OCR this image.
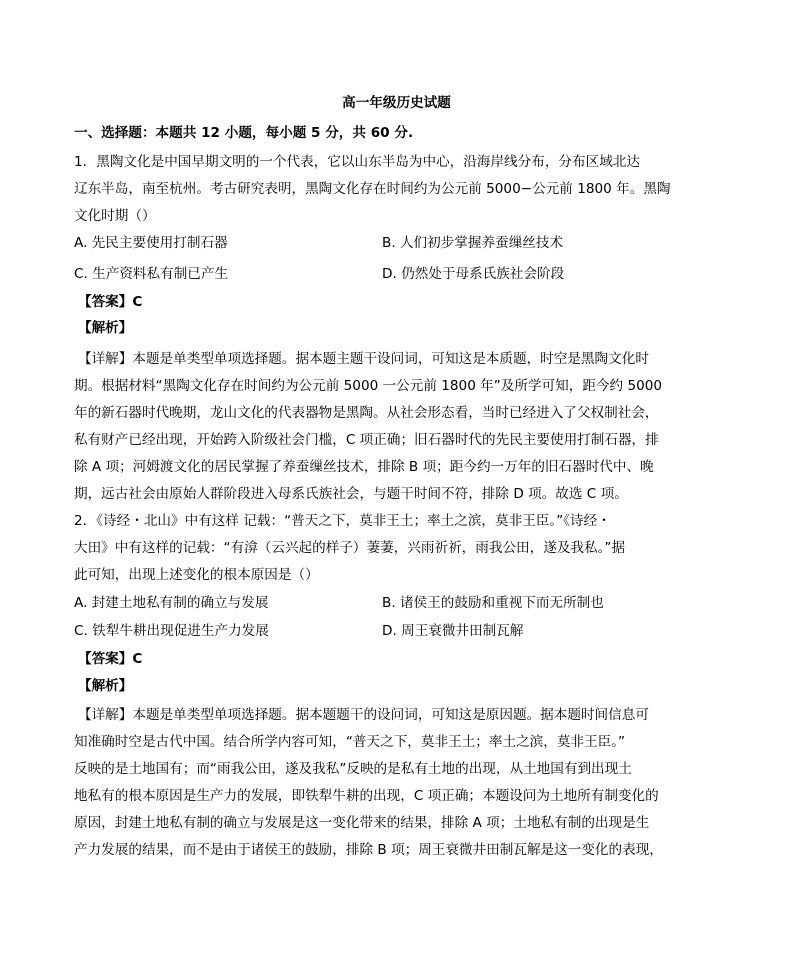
高一年级历史试题
一、选择题：本题共 12 小题，每小题 5 分，共 60 分.
1．黑陶文化是中国早期文明的一个代表，它以山东半岛为中心，沿海岸线分布，分布区域北达
辽东半岛，南至杭州。考古研究表明，黑陶文化存在时间约为公元前 5000−公元前 1800 年。黑陶
文化时期（）
A. 先民主要使用打制石器	B. 人们初步掌握养蚕缫丝技术
C. 生产资料私有制已产生	D. 仍然处于母系氏族社会阶段
【答案】C
【解析】
【详解】本题是单类型单项选择题。据本题主题干设问词，可知这是本质题，时空是黑陶文化时
期。根据材料“黑陶文化存在时间约为公元前 5000 一公元前 1800 年”及所学可知，距今约 5000
年的新石器时代晚期，龙山文化的代表器物是黑陶。从社会形态看，当时已经进入了父权制社会，
私有财产已经出现，开始跨入阶级社会门槛，C 项正确；旧石器时代的先民主要使用打制石器，排
除 A 项；河姆渡文化的居民掌握了养蚕缫丝技术，排除 B 项；距今约一万年的旧石器时代中、晚
期，远古社会由原始人群阶段进入母系氏族社会，与题干时间不符，排除 D 项。故选 C 项。
2．《诗经・北山》中有这样 记载：“普天之下，莫非王土；率土之滨，莫非王臣。”《诗经・
大田》中有这样的记载：“有渰（云兴起的样子）萋萋，兴雨祈祈，雨我公田，遂及我私。”据
此可知，出现上述变化的根本原因是（）
A. 封建土地私有制的确立与发展	B. 诸侯王的鼓励和重视下而无所制也
C. 铁犁牛耕出现促进生产力发展	D. 周王衰微井田制瓦解
【答案】C
【解析】
【详解】本题是单类型单项选择题。据本题题干的设问词，可知这是原因题。据本题时间信息可
知准确时空是古代中国。结合所学内容可知，“普天之下，莫非王土；率土之滨，莫非王臣。”
反映的是土地国有；而“雨我公田，遂及我私”反映的是私有土地的出现，从土地国有到出现土
地私有的根本原因是生产力的发展，即铁犁牛耕的出现，C 项正确；本题设问为土地所有制变化的
原因，封建土地私有制的确立与发展是这一变化带来的结果，排除 A 项；土地私有制的出现是生
产力发展的结果，而不是由于诸侯王的鼓励，排除 B 项；周王衰微井田制瓦解是这一变化的表现，
